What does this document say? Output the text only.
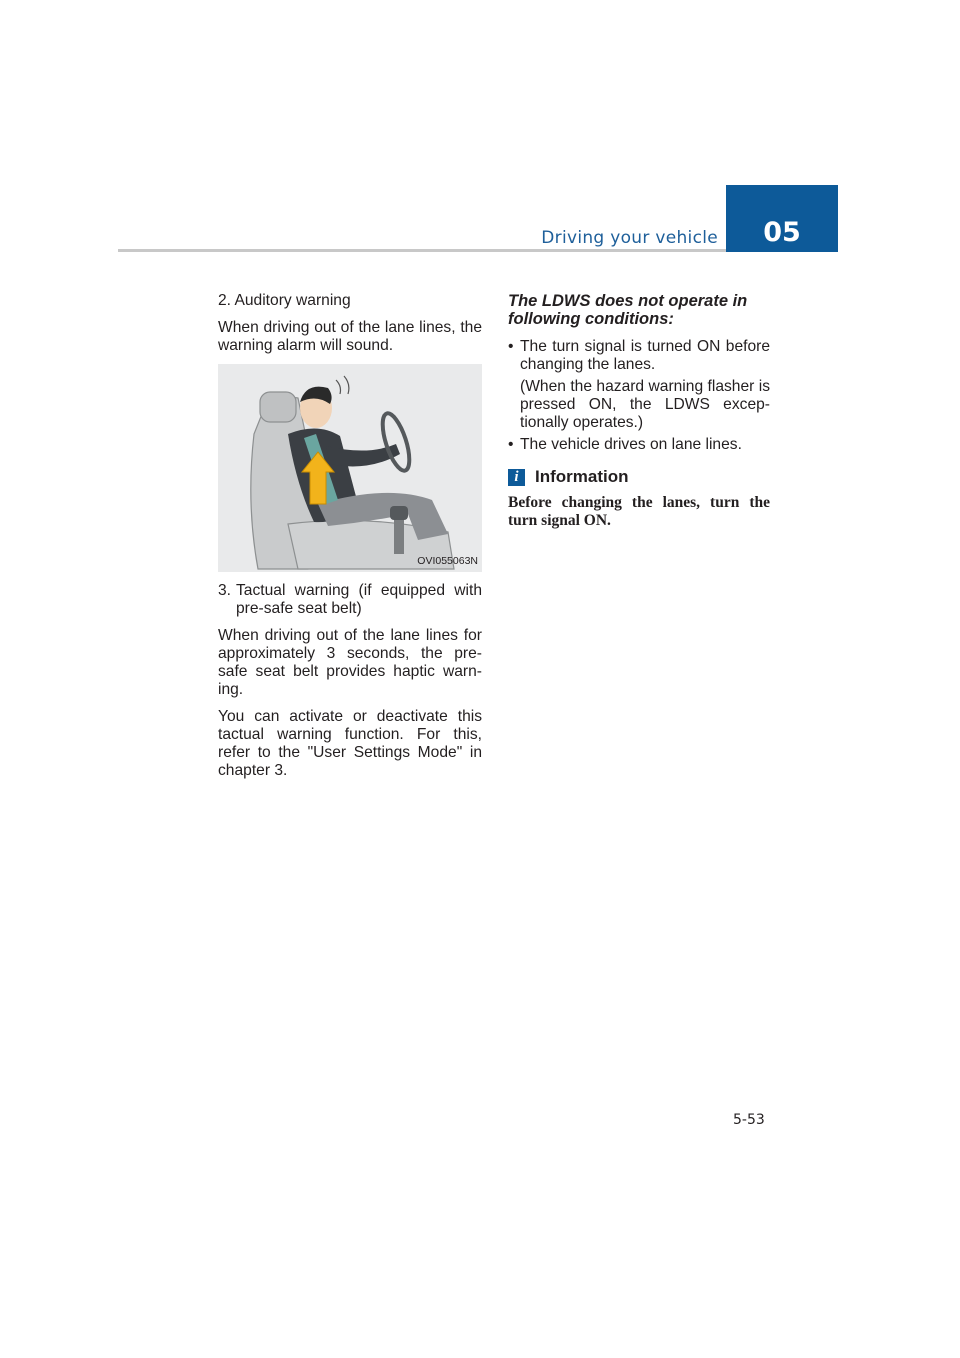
Driving your vehicle	05

2. Auditory warning

When driving out of the lane lines, the warning alarm will sound.

OVI055063N
3. Tactual warning (if equipped with pre-safe seat belt)

When driving out of the lane lines for approximately 3 seconds, the pre-safe seat belt provides haptic warn-ing.

You can activate or deactivate this tactual warning function. For this, refer to the "User Settings Mode" in chapter 3.

The LDWS does not operate in following conditions:
• The turn signal is turned ON before changing the lanes.

(When the hazard warning flasher is pressed ON, the LDWS excep-tionally operates.)

• The vehicle drives on lane lines.
i Information
Before changing the lanes, turn the turn signal ON.
5-53
